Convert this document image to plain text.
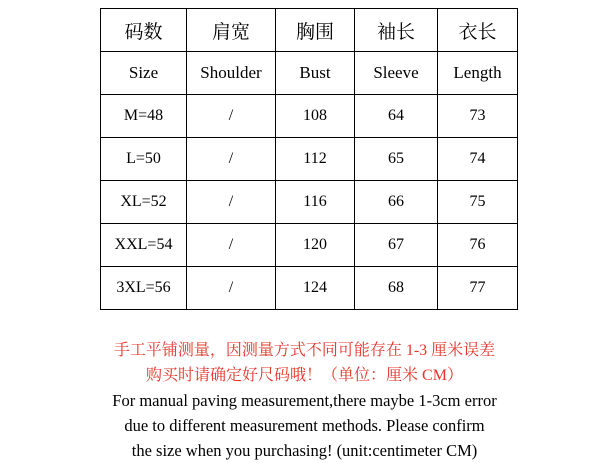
码数	肩宽	胸围	袖长	衣长
Size	Shoulder	Bust	Sleeve	Length
M=48	/	108	64	73
L=50	/	112	65	74
XL=52	/	116	66	75
XXL=54	/	120	67	76
3XL=56	/	124	68	77
手工平铺测量，因测量方式不同可能存在 1-3 厘米误差
购买时请确定好尺码哦！（单位：厘米 CM）
For manual paving measurement,there maybe 1-3cm error
due to different measurement methods. Please confirm
the size when you purchasing! (unit:centimeter CM)
